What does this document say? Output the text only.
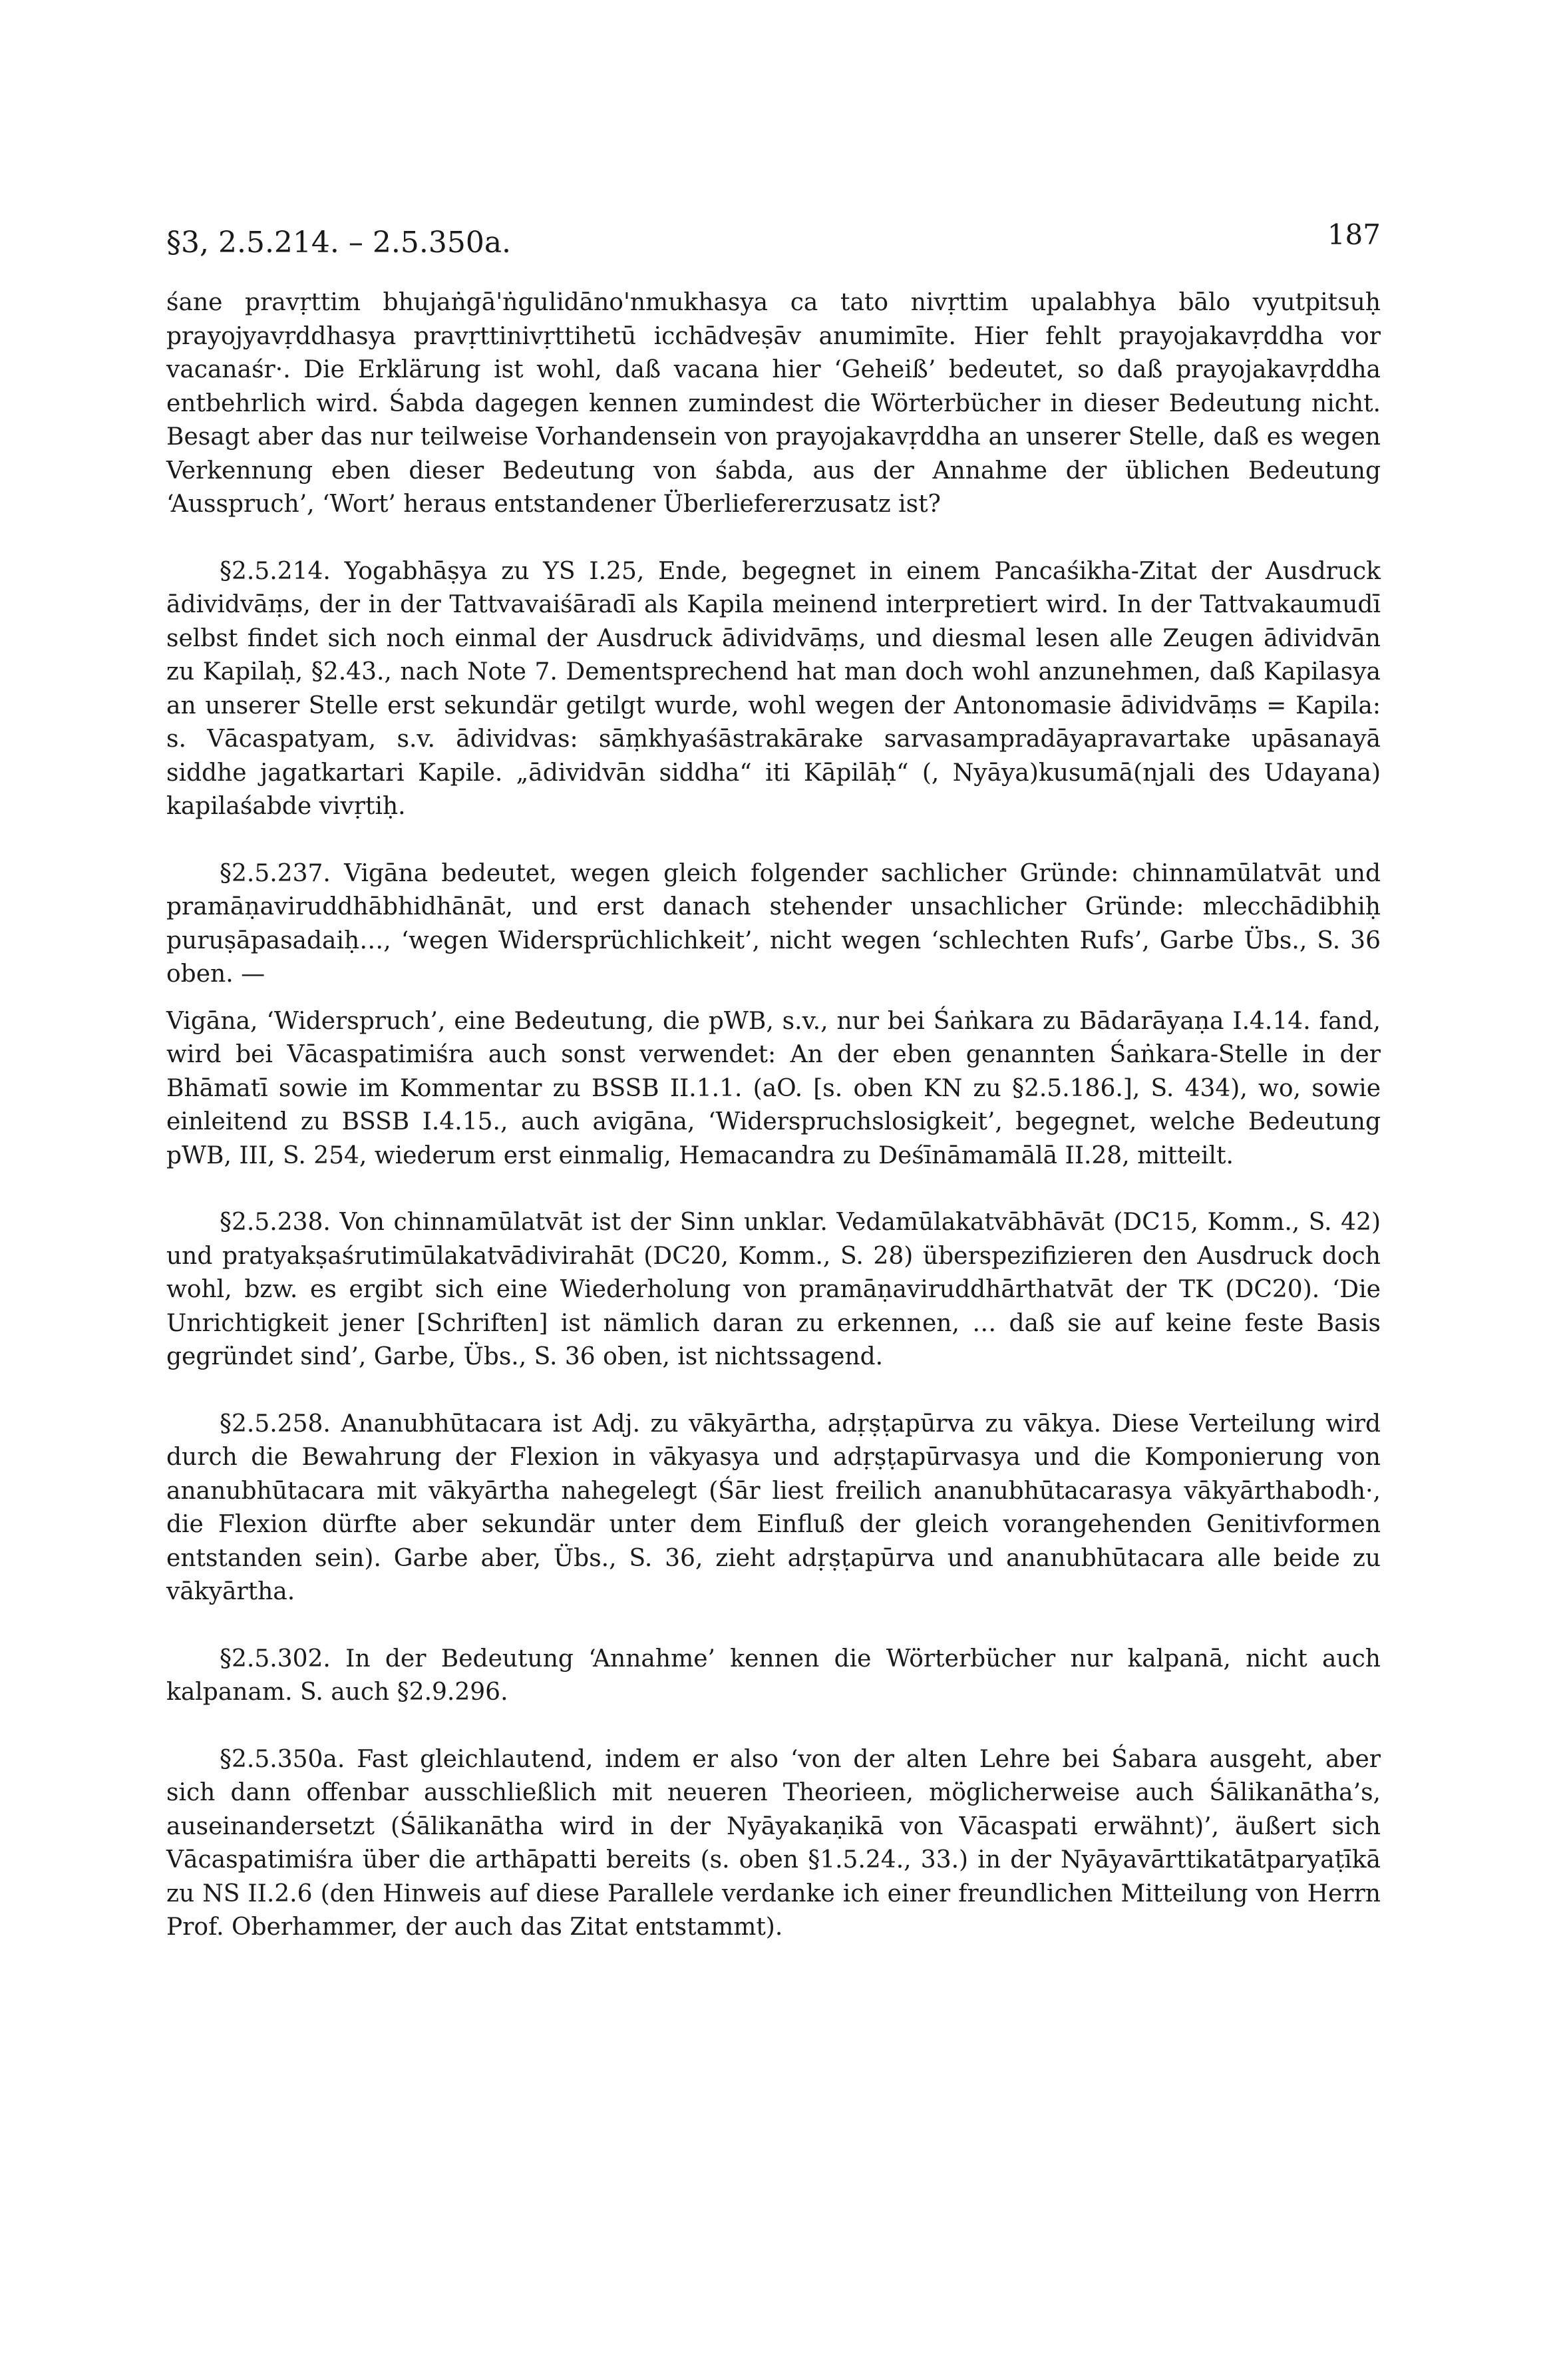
§3, 2.5.214. – 2.5.350a.	187

śane pravṛttim bhujaṅgā'ṅgulidāno'nmukhasya ca tato nivṛttim upalabhya bālo vyutpitsuḥ prayojyavṛddhasya pravṛttinivṛttihetū icchādveṣāv anumimīte. Hier fehlt prayojakavṛddha vor vacanaśr·. Die Erklärung ist wohl, daß vacana hier ‘Geheiß’ bedeutet, so daß prayojakavṛddha entbehrlich wird. Śabda dagegen kennen zumindest die Wörterbücher in dieser Bedeutung nicht. Besagt aber das nur teilweise Vorhandensein von prayojakavṛddha an unserer Stelle, daß es wegen Verkennung eben dieser Bedeutung von śabda, aus der Annahme der üblichen Bedeutung ‘Ausspruch’, ‘Wort’ heraus entstandener Überliefererzusatz ist?

§2.5.214. Yogabhāṣya zu YS I.25, Ende, begegnet in einem Pancaśikha-Zitat der Ausdruck ādividvāṃs, der in der Tattvavaiśāradī als Kapila meinend interpretiert wird. In der Tattvakaumudī selbst findet sich noch einmal der Ausdruck ādividvāṃs, und diesmal lesen alle Zeugen ādividvān zu Kapilaḥ, §2.43., nach Note 7. Dementsprechend hat man doch wohl anzunehmen, daß Kapilasya an unserer Stelle erst sekundär getilgt wurde, wohl wegen der Antonomasie ādividvāṃs = Kapila: s. Vācaspatyam, s.v. ādividvas: sāṃkhyaśāstrakārake sarvasampradāyapravartake upāsanayā siddhe jagatkartari Kapile. „ādividvān siddha“ iti Kāpilāḥ“ (, Nyāya)kusumā(njali des Udayana) kapilaśabde vivṛtiḥ.

§2.5.237. Vigāna bedeutet, wegen gleich folgender sachlicher Gründe: chinnamūlatvāt und pramāṇaviruddhābhidhānāt, und erst danach stehender unsachlicher Gründe: mlecchādibhiḥ puruṣāpasadaiḥ…, ‘wegen Widersprüchlichkeit’, nicht wegen ‘schlechten Rufs’, Garbe Übs., S. 36 oben. —

Vigāna, ‘Widerspruch’, eine Bedeutung, die pWB, s.v., nur bei Śaṅkara zu Bādarāyaṇa I.4.14. fand, wird bei Vācaspatimiśra auch sonst verwendet: An der eben genannten Śaṅkara-Stelle in der Bhāmatī sowie im Kommentar zu BSSB II.1.1. (aO. [s. oben KN zu §2.5.186.], S. 434), wo, sowie einleitend zu BSSB I.4.15., auch avigāna, ‘Widerspruchslosigkeit’, begegnet, welche Bedeutung pWB, III, S. 254, wiederum erst einmalig, Hemacandra zu Deśīnāmamālā II.28, mitteilt.

§2.5.238. Von chinnamūlatvāt ist der Sinn unklar. Vedamūlakatvābhāvāt (DC15, Komm., S. 42) und pratyakṣaśrutimūlakatvādivirahāt (DC20, Komm., S. 28) überspezifizieren den Ausdruck doch wohl, bzw. es ergibt sich eine Wiederholung von pramāṇaviruddhārthatvāt der TK (DC20). ‘Die Unrichtigkeit jener [Schriften] ist nämlich daran zu erkennen, … daß sie auf keine feste Basis gegründet sind’, Garbe, Übs., S. 36 oben, ist nichtssagend.

§2.5.258. Ananubhūtacara ist Adj. zu vākyārtha, adṛṣṭapūrva zu vākya. Diese Verteilung wird durch die Bewahrung der Flexion in vākyasya und adṛṣṭapūrvasya und die Komponierung von ananubhūtacara mit vākyārtha nahegelegt (Śār liest freilich ananubhūtacarasya vākyārthabodh·, die Flexion dürfte aber sekundär unter dem Einfluß der gleich vorangehenden Genitivformen entstanden sein). Garbe aber, Übs., S. 36, zieht adṛṣṭapūrva und ananubhūtacara alle beide zu vākyārtha.

§2.5.302. In der Bedeutung ‘Annahme’ kennen die Wörterbücher nur kalpanā, nicht auch kalpanam. S. auch §2.9.296.

§2.5.350a. Fast gleichlautend, indem er also ‘von der alten Lehre bei Śabara ausgeht, aber sich dann offenbar ausschließlich mit neueren Theorieen, möglicherweise auch Śālikanātha’s, auseinandersetzt (Śālikanātha wird in der Nyāyakaṇikā von Vācaspati erwähnt)’, äußert sich Vācaspatimiśra über die arthāpatti bereits (s. oben §1.5.24., 33.) in der Nyāyavārttikatātparyaṭīkā zu NS II.2.6 (den Hinweis auf diese Parallele verdanke ich einer freundlichen Mitteilung von Herrn Prof. Oberhammer, der auch das Zitat entstammt).
